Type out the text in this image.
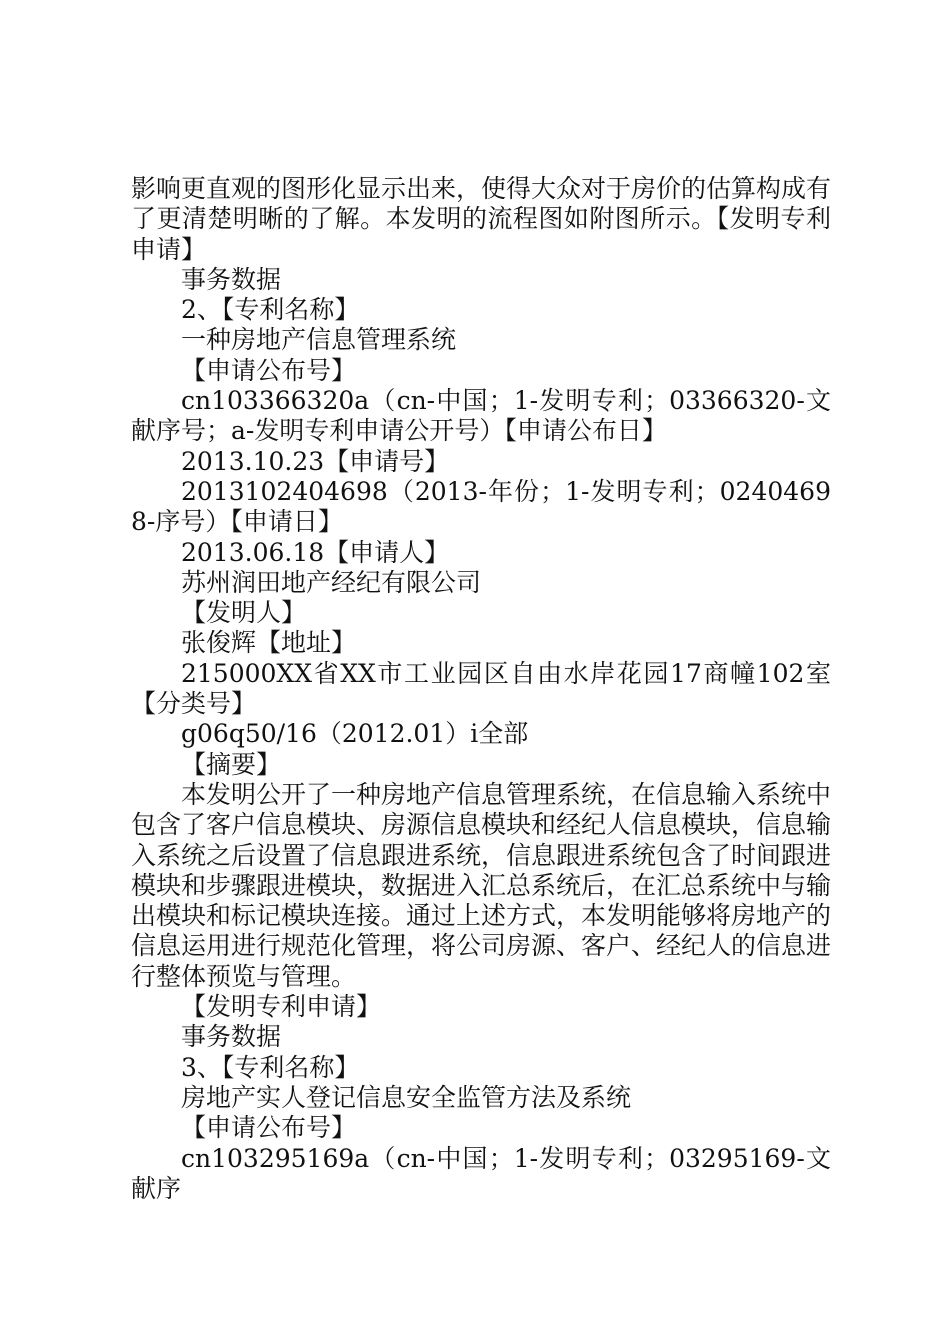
影响更直观的图形化显示出来，使得大众对于房价的估算构成有了更清楚明晰的了解。本发明的流程图如附图所示。【发明专利申请】

事务数据

2、【专利名称】

一种房地产信息管理系统

【申请公布号】

cn103366320a（cn-中国；1-发明专利；03366320-文献序号；a-发明专利申请公开号）【申请公布日】

2013.10.23【申请号】

2013102404698（2013-年份；1-发明专利；02404698-序号）【申请日】

2013.06.18【申请人】

苏州润田地产经纪有限公司

【发明人】

张俊辉【地址】

215000XX省XX市工业园区自由水岸花园17商幢102室【分类号】

g06q50/16（2012.01）i全部

【摘要】

本发明公开了一种房地产信息管理系统，在信息输入系统中包含了客户信息模块、房源信息模块和经纪人信息模块，信息输入系统之后设置了信息跟进系统，信息跟进系统包含了时间跟进模块和步骤跟进模块，数据进入汇总系统后，在汇总系统中与输出模块和标记模块连接。通过上述方式，本发明能够将房地产的信息运用进行规范化管理，将公司房源、客户、经纪人的信息进行整体预览与管理。

【发明专利申请】

事务数据

3、【专利名称】

房地产实人登记信息安全监管方法及系统

【申请公布号】

cn103295169a（cn-中国；1-发明专利；03295169-文献序
